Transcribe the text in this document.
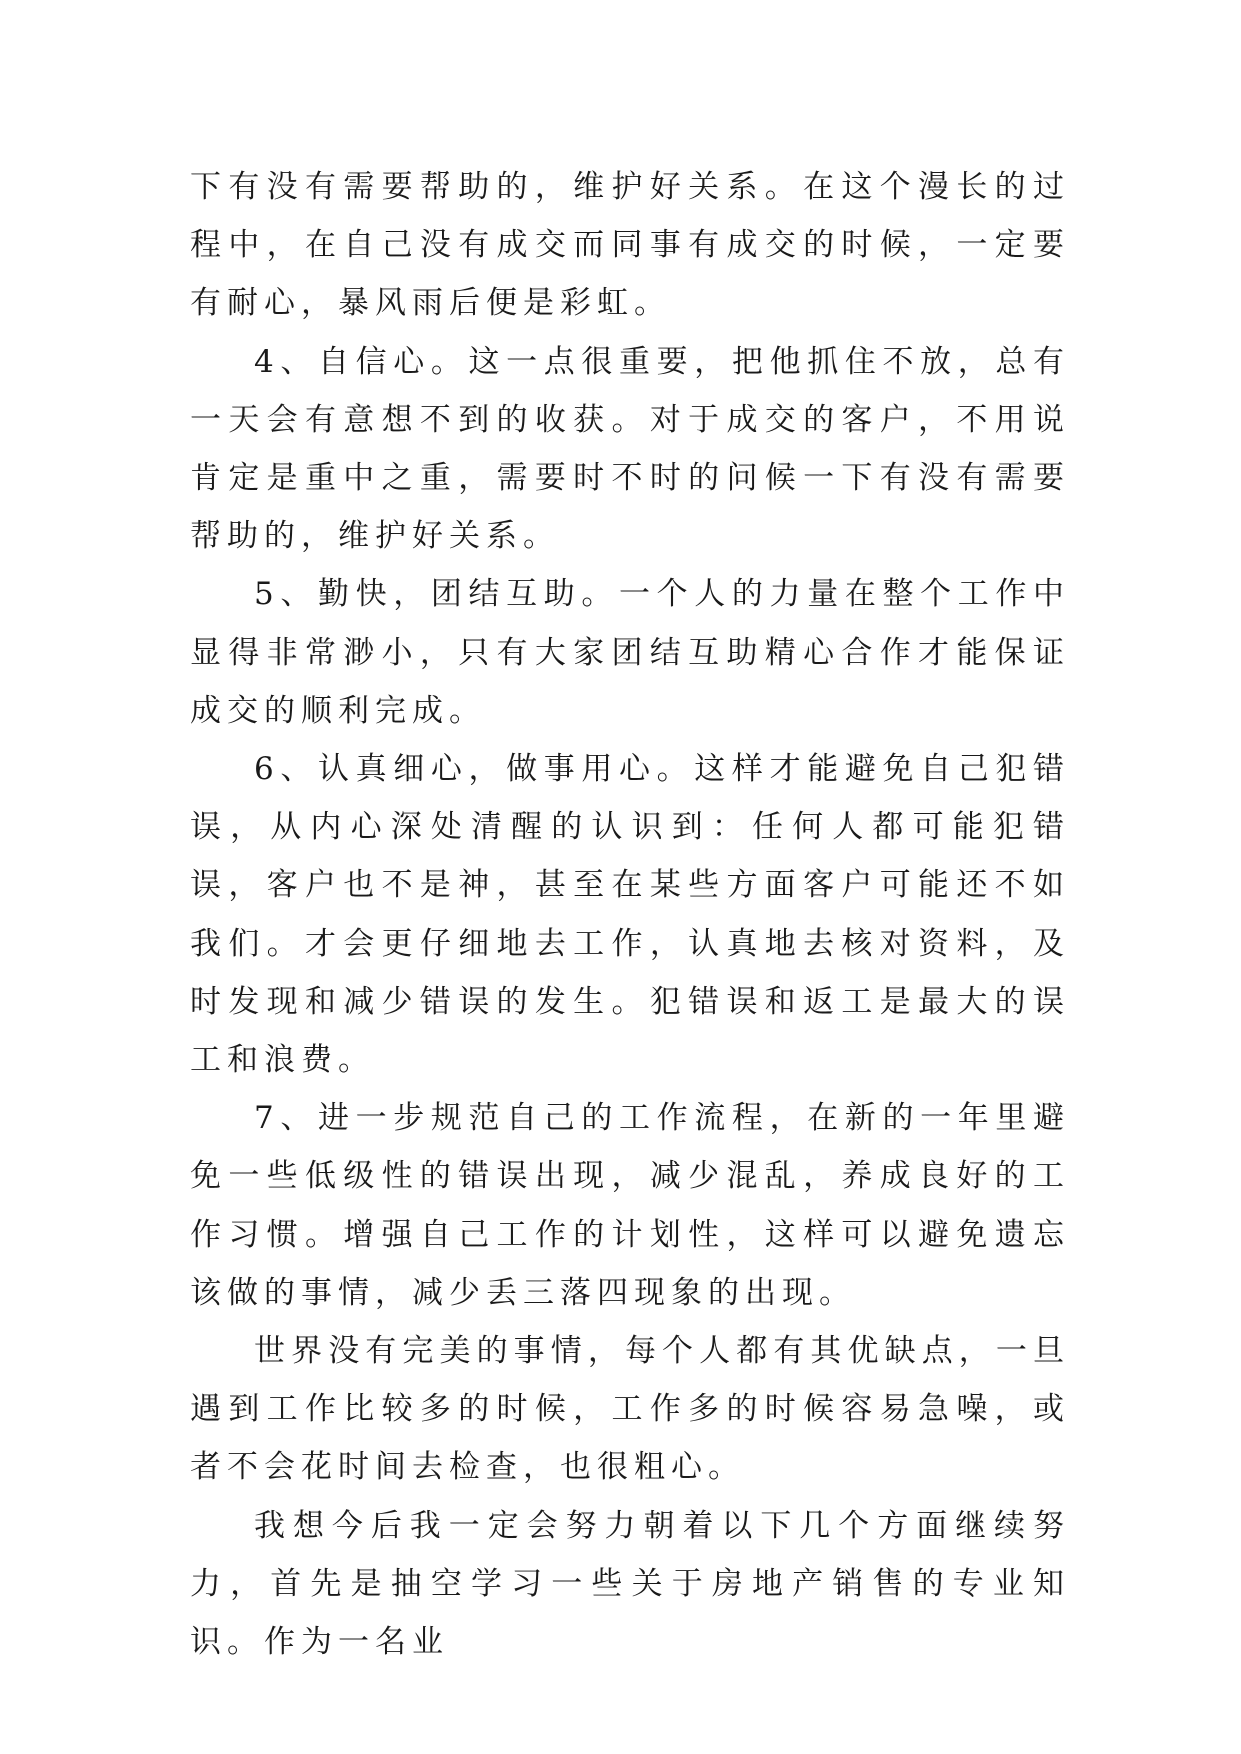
下有没有需要帮助的，维护好关系。在这个漫长的过程中，在自己没有成交而同事有成交的时候，一定要有耐心，暴风雨后便是彩虹。

4、自信心。这一点很重要，把他抓住不放，总有一天会有意想不到的收获。对于成交的客户，不用说肯定是重中之重，需要时不时的问候一下有没有需要帮助的，维护好关系。

5、勤快，团结互助。一个人的力量在整个工作中显得非常渺小，只有大家团结互助精心合作才能保证成交的顺利完成。

6、认真细心，做事用心。这样才能避免自己犯错误，从内心深处清醒的认识到：任何人都可能犯错误，客户也不是神，甚至在某些方面客户可能还不如我们。才会更仔细地去工作，认真地去核对资料，及时发现和减少错误的发生。犯错误和返工是最大的误工和浪费。

7、进一步规范自己的工作流程，在新的一年里避免一些低级性的错误出现，减少混乱，养成良好的工作习惯。增强自己工作的计划性，这样可以避免遗忘该做的事情，减少丢三落四现象的出现。

世界没有完美的事情，每个人都有其优缺点，一旦遇到工作比较多的时候，工作多的时候容易急噪，或者不会花时间去检查，也很粗心。

我想今后我一定会努力朝着以下几个方面继续努力，首先是抽空学习一些关于房地产销售的专业知识。作为一名业
